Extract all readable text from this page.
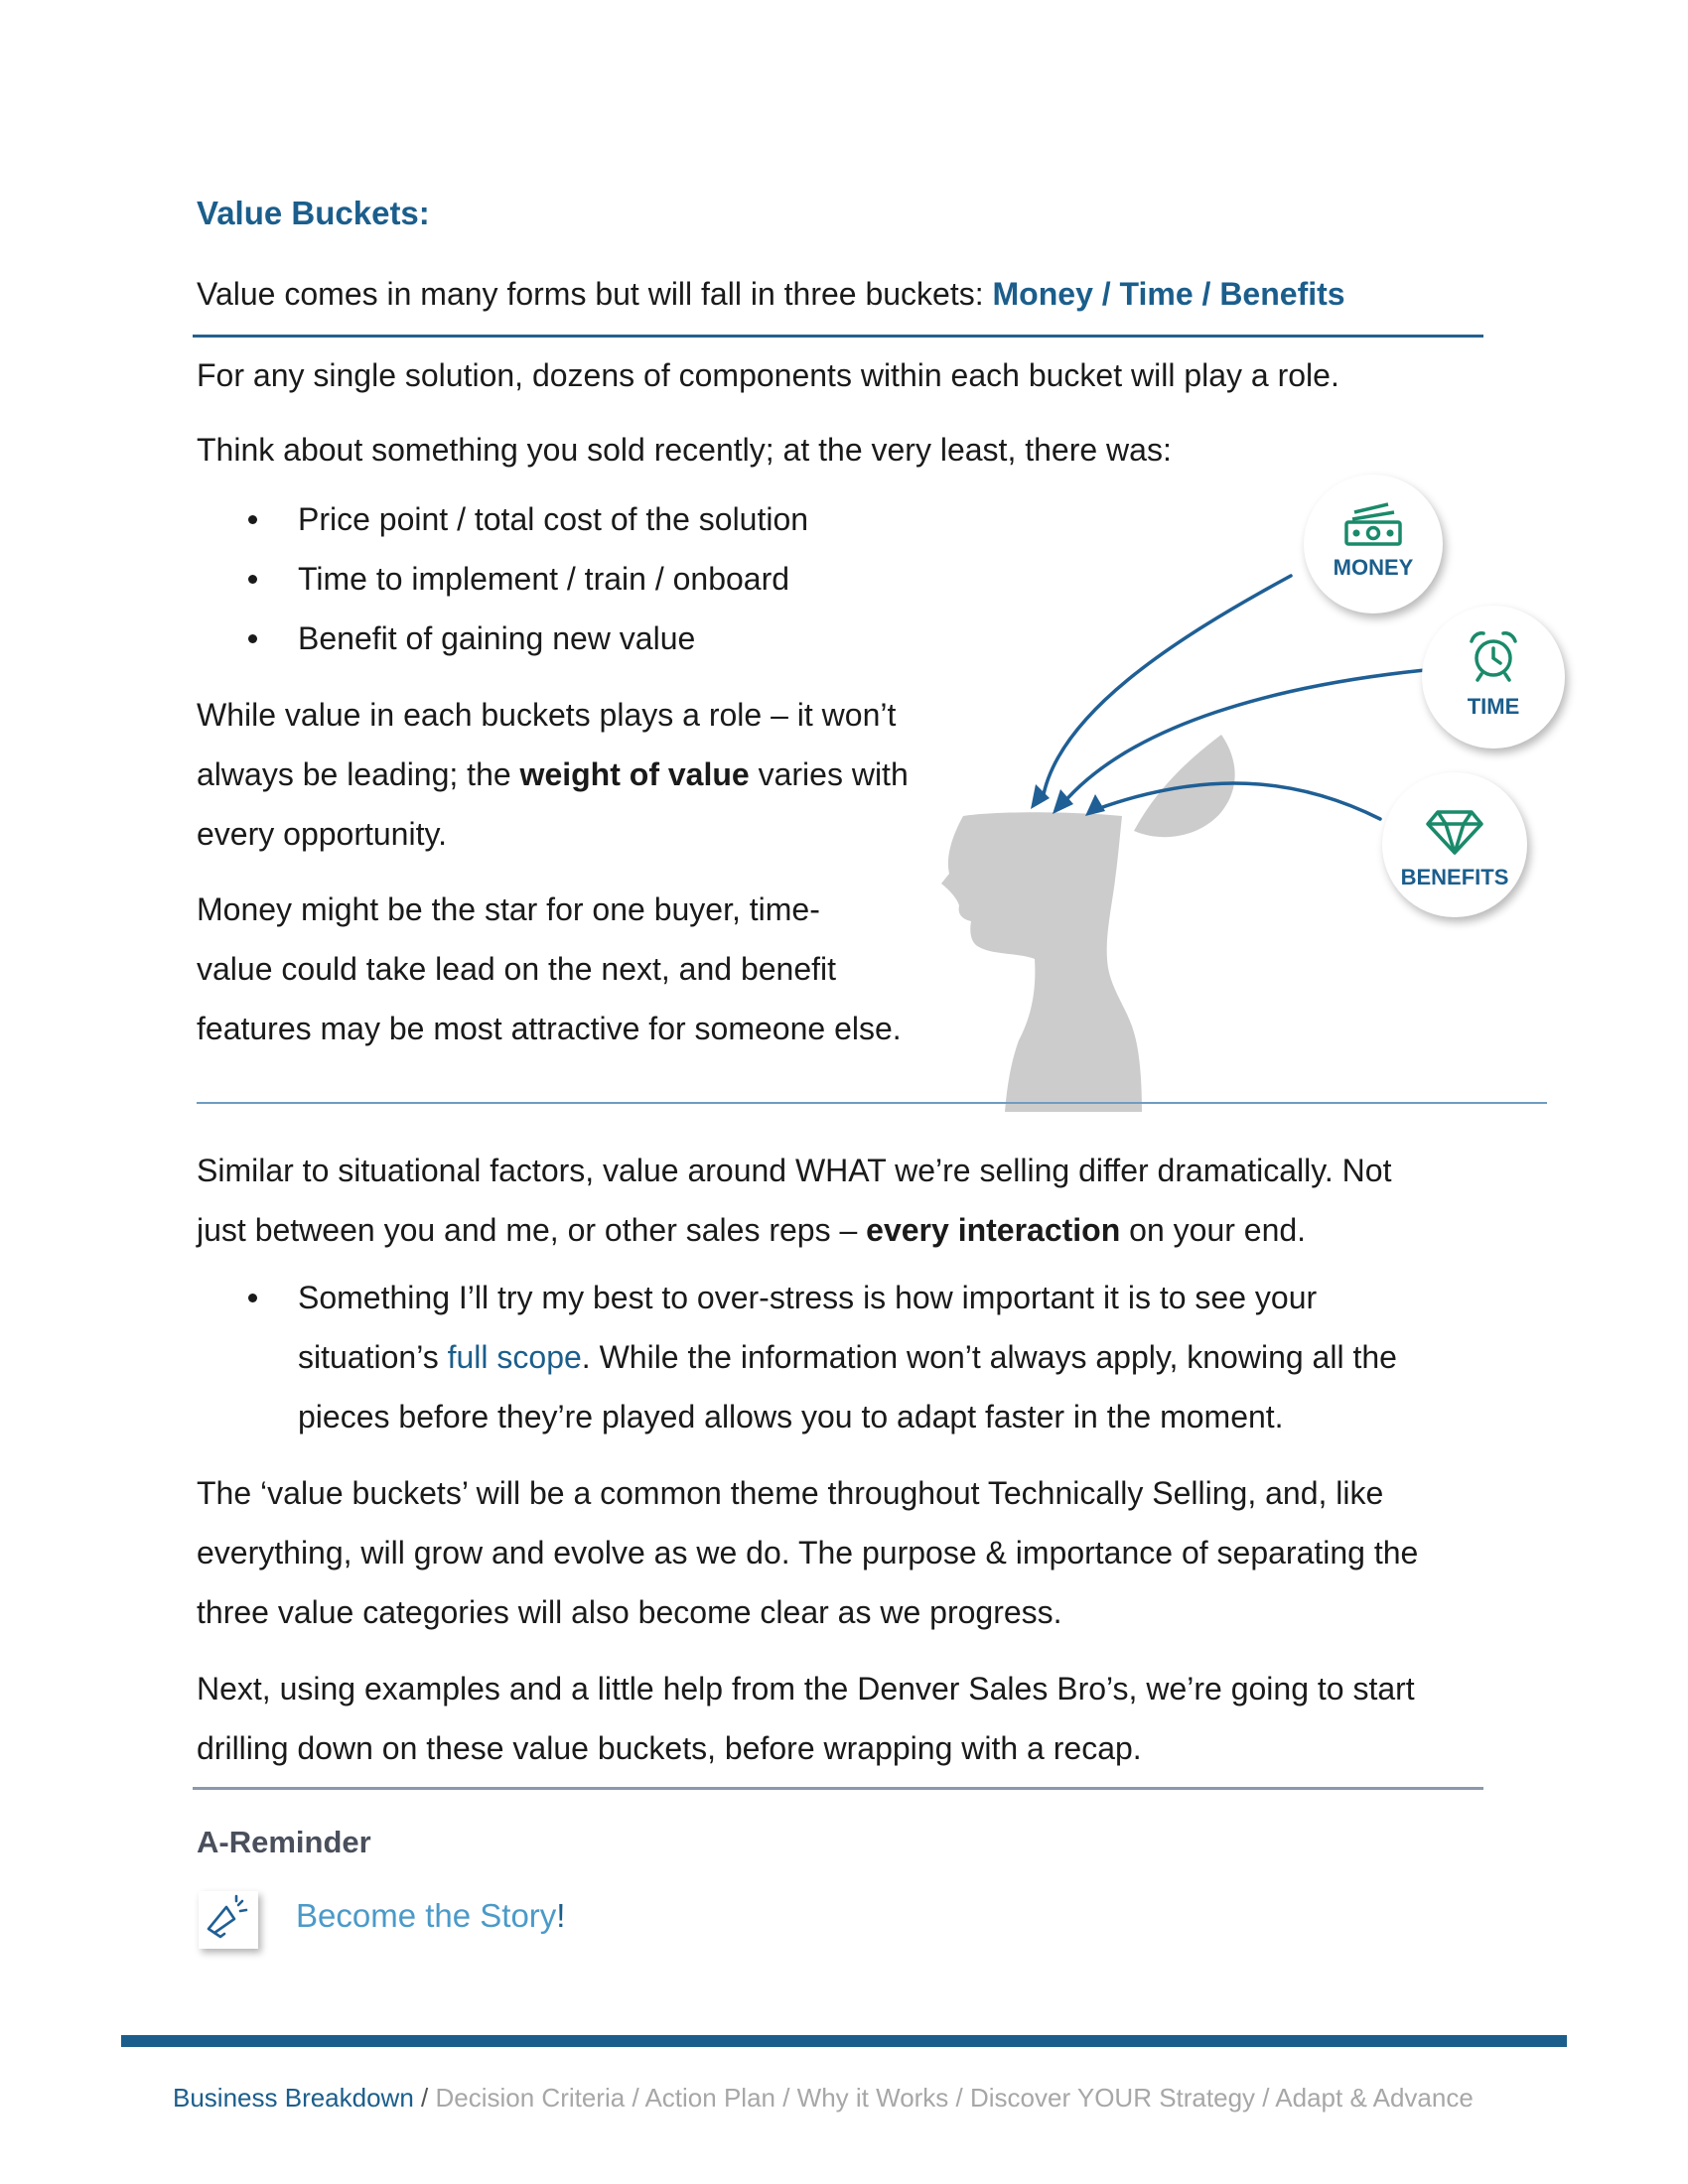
Value Buckets:
Value comes in many forms but will fall in three buckets: Money / Time / Benefits
For any single solution, dozens of components within each bucket will play a role.
Think about something you sold recently; at the very least, there was:
Price point / total cost of the solution
Time to implement / train / onboard
Benefit of gaining new value
While value in each buckets plays a role – it won’t
always be leading; the weight of value varies with
every opportunity.
Money might be the star for one buyer, time-
value could take lead on the next, and benefit
features may be most attractive for someone else.
MONEY
TIME
BENEFITS
Similar to situational factors, value around WHAT we’re selling differ dramatically. Not
just between you and me, or other sales reps – every interaction on your end.
Something I’ll try my best to over-stress is how important it is to see your
situation’s full scope. While the information won’t always apply, knowing all the
pieces before they’re played allows you to adapt faster in the moment.
The ‘value buckets’ will be a common theme throughout Technically Selling, and, like
everything, will grow and evolve as we do. The purpose & importance of separating the
three value categories will also become clear as we progress.
Next, using examples and a little help from the Denver Sales Bro’s, we’re going to start
drilling down on these value buckets, before wrapping with a recap.
A-Reminder
Become the Story!
Business Breakdown / Decision Criteria / Action Plan / Why it Works / Discover YOUR Strategy / Adapt & Advance
